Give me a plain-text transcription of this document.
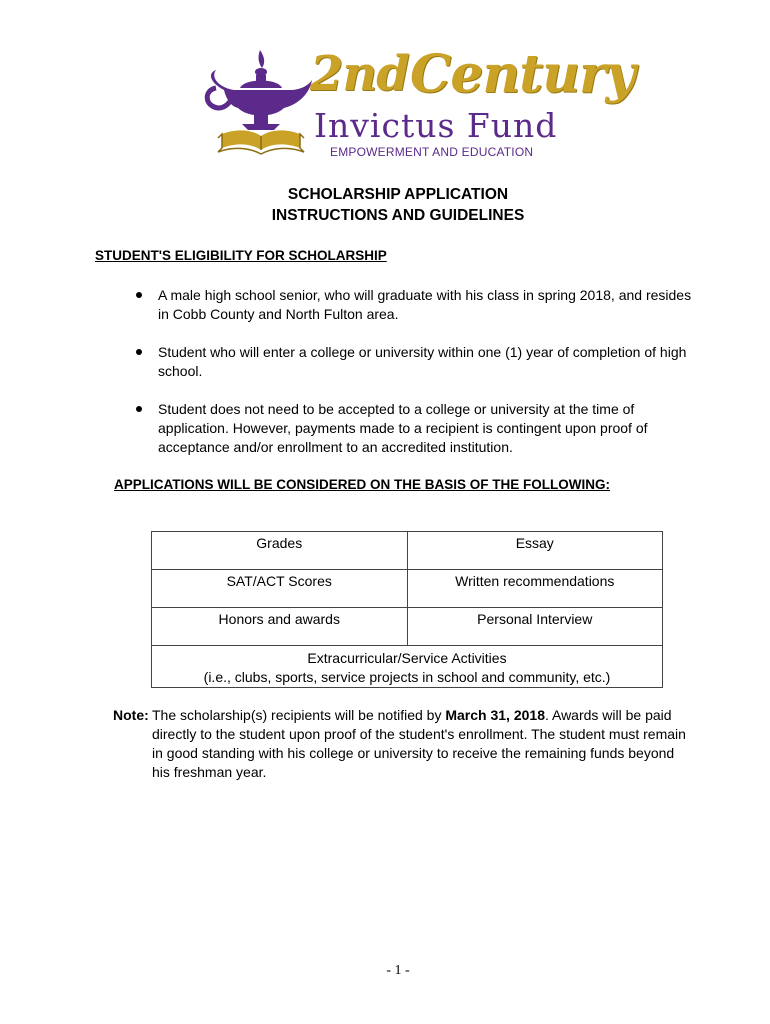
2nd Century
Invictus Fund
EMPOWERMENT AND EDUCATION
SCHOLARSHIP APPLICATION
INSTRUCTIONS AND GUIDELINES
STUDENT'S ELIGIBILITY FOR SCHOLARSHIP
A male high school senior, who will graduate with his class in spring 2018, and resides in Cobb County and North Fulton area.
Student who will enter a college or university within one (1) year of completion of high school.
Student does not need to be accepted to a college or university at the time of application. However, payments made to a recipient is contingent upon proof of acceptance and/or enrollment to an accredited institution.
APPLICATIONS WILL BE CONSIDERED ON THE BASIS OF THE FOLLOWING:
Grades	Essay
SAT/ACT Scores	Written recommendations
Honors and awards	Personal Interview

Extracurricular/Service Activities
(i.e., clubs, sports, service projects in school and community, etc.)	
Note: The scholarship(s) recipients will be notified by March 31, 2018. Awards will be paid directly to the student upon proof of the student's enrollment. The student must remain in good standing with his college or university to receive the remaining funds beyond his freshman year.
- 1 -
